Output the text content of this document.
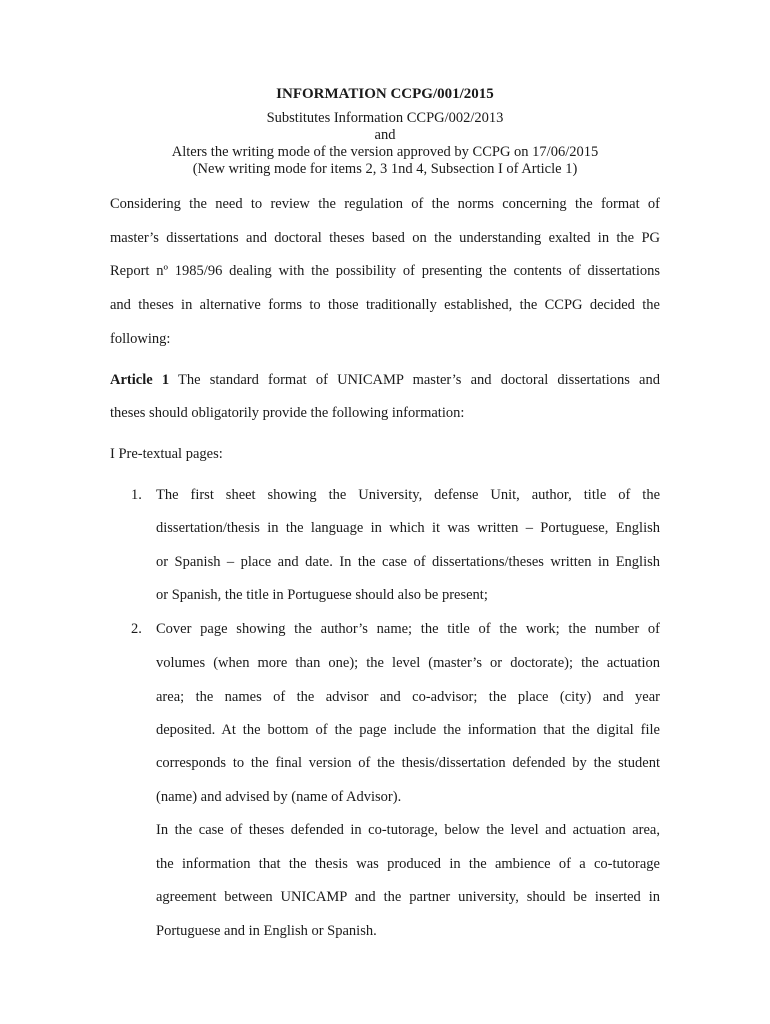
INFORMATION CCPG/001/2015
Substitutes Information CCPG/002/2013
and
Alters the writing mode of the version approved by CCPG on 17/06/2015
(New writing mode for items 2, 3 1nd 4, Subsection I of Article 1)
Considering the need to review the regulation of the norms concerning the format of
master’s dissertations and doctoral theses based on the understanding exalted in the PG
Report nº 1985/96 dealing with the possibility of presenting the contents of dissertations
and theses in alternative forms to those traditionally established, the CCPG decided the
following:
Article 1 The standard format of UNICAMP master’s and doctoral dissertations and
theses should obligatorily provide the following information:
I Pre-textual pages:
1. The first sheet showing the University, defense Unit, author, title of the
dissertation/thesis in the language in which it was written – Portuguese, English
or Spanish – place and date. In the case of dissertations/theses written in English
or Spanish, the title in Portuguese should also be present;
2. Cover page showing the author’s name; the title of the work; the number of
volumes (when more than one); the level (master’s or doctorate); the actuation
area; the names of the advisor and co-advisor; the place (city) and year
deposited. At the bottom of the page include the information that the digital file
corresponds to the final version of the thesis/dissertation defended by the student
(name) and advised by (name of Advisor).
In the case of theses defended in co-tutorage, below the level and actuation area,
the information that the thesis was produced in the ambience of a co-tutorage
agreement between UNICAMP and the partner university, should be inserted in
Portuguese and in English or Spanish.
